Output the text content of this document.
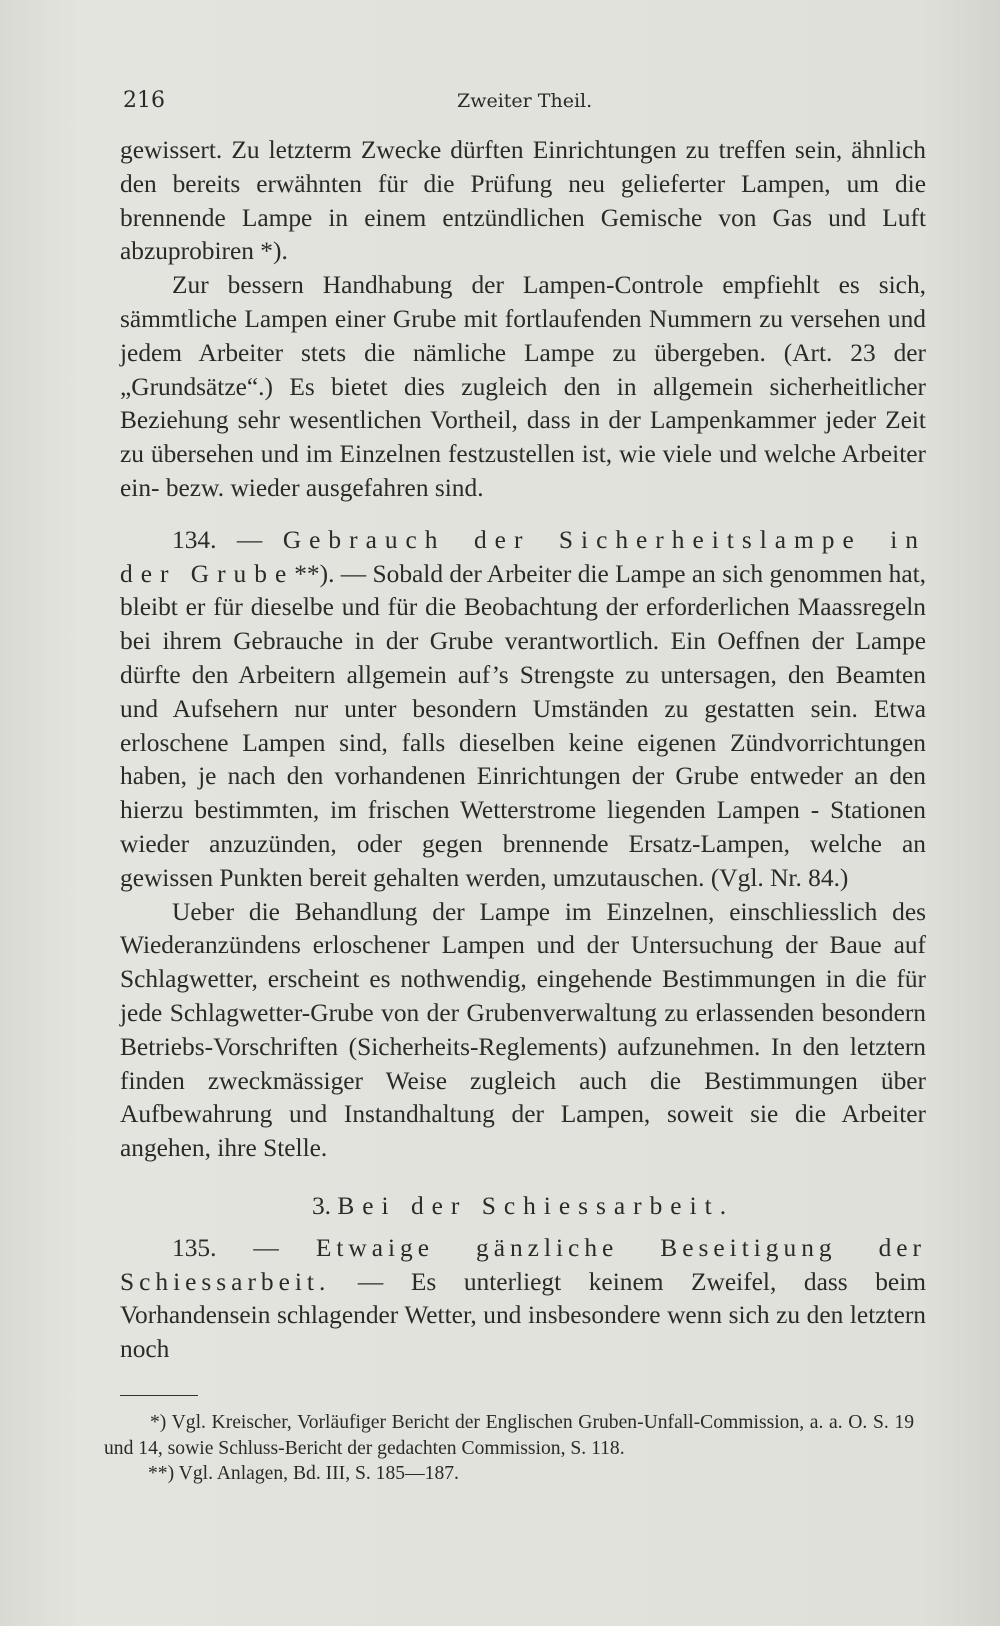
216	Zweiter Theil.

gewissert. Zu letzterm Zwecke dürften Einrichtungen zu treffen sein, ähnlich den bereits erwähnten für die Prüfung neu gelieferter Lampen, um die brennende Lampe in einem entzündlichen Gemische von Gas und Luft abzuprobiren *).

Zur bessern Handhabung der Lampen-Controle empfiehlt es sich, sämmtliche Lampen einer Grube mit fortlaufenden Nummern zu versehen und jedem Arbeiter stets die nämliche Lampe zu übergeben. (Art. 23 der „Grundsätze“.) Es bietet dies zugleich den in allgemein sicherheitlicher Beziehung sehr wesentlichen Vortheil, dass in der Lampenkammer jeder Zeit zu übersehen und im Einzelnen festzustellen ist, wie viele und welche Arbeiter ein- bezw. wieder ausgefahren sind.

134. — Gebrauch der Sicherheitslampe in der Grube**). — Sobald der Arbeiter die Lampe an sich genommen hat, bleibt er für dieselbe und für die Beobachtung der erforderlichen Maassregeln bei ihrem Gebrauche in der Grube verantwortlich. Ein Oeffnen der Lampe dürfte den Arbeitern allgemein auf’s Strengste zu untersagen, den Beamten und Aufsehern nur unter besondern Umständen zu gestatten sein. Etwa erloschene Lampen sind, falls dieselben keine eigenen Zündvorrichtungen haben, je nach den vorhandenen Einrichtungen der Grube entweder an den hierzu bestimmten, im frischen Wetterstrome liegenden Lampen - Stationen wieder anzuzünden, oder gegen brennende Ersatz-Lampen, welche an gewissen Punkten bereit gehalten werden, umzutauschen. (Vgl. Nr. 84.)

Ueber die Behandlung der Lampe im Einzelnen, einschliesslich des Wiederanzündens erloschener Lampen und der Untersuchung der Baue auf Schlagwetter, erscheint es nothwendig, eingehende Bestimmungen in die für jede Schlagwetter-Grube von der Grubenverwaltung zu erlassenden besondern Betriebs-Vorschriften (Sicherheits-Reglements) aufzunehmen. In den letztern finden zweckmässiger Weise zugleich auch die Bestimmungen über Aufbewahrung und Instandhaltung der Lampen, soweit sie die Arbeiter angehen, ihre Stelle.

3. Bei der Schiessarbeit.

135. — Etwaige gänzliche Beseitigung der Schiessarbeit. — Es unterliegt keinem Zweifel, dass beim Vorhandensein schlagender Wetter, und insbesondere wenn sich zu den letztern noch

*) Vgl. Kreischer, Vorläufiger Bericht der Englischen Gruben-Unfall-Commission, a. a. O. S. 19 und 14, sowie Schluss-Bericht der gedachten Commission, S. 118.

**) Vgl. Anlagen, Bd. III, S. 185—187.
